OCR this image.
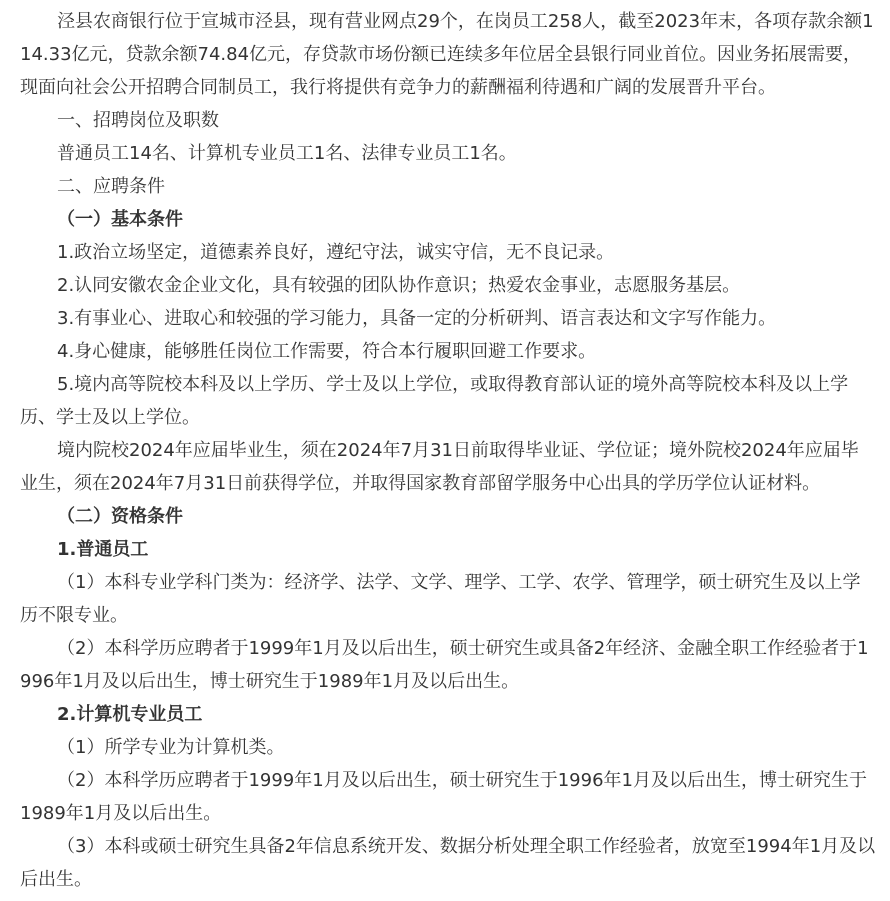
泾县农商银行位于宣城市泾县，现有营业网点29个，在岗员工258人，截至2023年末，各项存款余额114.33亿元，贷款余额74.84亿元，存贷款市场份额已连续多年位居全县银行同业首位。因业务拓展需要，现面向社会公开招聘合同制员工，我行将提供有竞争力的薪酬福利待遇和广阔的发展晋升平台。

一、招聘岗位及职数

普通员工14名、计算机专业员工1名、法律专业员工1名。

二、应聘条件

（一）基本条件

1.政治立场坚定，道德素养良好，遵纪守法，诚实守信，无不良记录。

2.认同安徽农金企业文化，具有较强的团队协作意识；热爱农金事业，志愿服务基层。

3.有事业心、进取心和较强的学习能力，具备一定的分析研判、语言表达和文字写作能力。

4.身心健康，能够胜任岗位工作需要，符合本行履职回避工作要求。

5.境内高等院校本科及以上学历、学士及以上学位，或取得教育部认证的境外高等院校本科及以上学历、学士及以上学位。

境内院校2024年应届毕业生，须在2024年7月31日前取得毕业证、学位证；境外院校2024年应届毕业生，须在2024年7月31日前获得学位，并取得国家教育部留学服务中心出具的学历学位认证材料。

（二）资格条件

1.普通员工

（1）本科专业学科门类为：经济学、法学、文学、理学、工学、农学、管理学，硕士研究生及以上学历不限专业。

（2）本科学历应聘者于1999年1月及以后出生，硕士研究生或具备2年经济、金融全职工作经验者于1996年1月及以后出生，博士研究生于1989年1月及以后出生。

2.计算机专业员工

（1）所学专业为计算机类。

（2）本科学历应聘者于1999年1月及以后出生，硕士研究生于1996年1月及以后出生，博士研究生于1989年1月及以后出生。

（3）本科或硕士研究生具备2年信息系统开发、数据分析处理全职工作经验者，放宽至1994年1月及以后出生。
